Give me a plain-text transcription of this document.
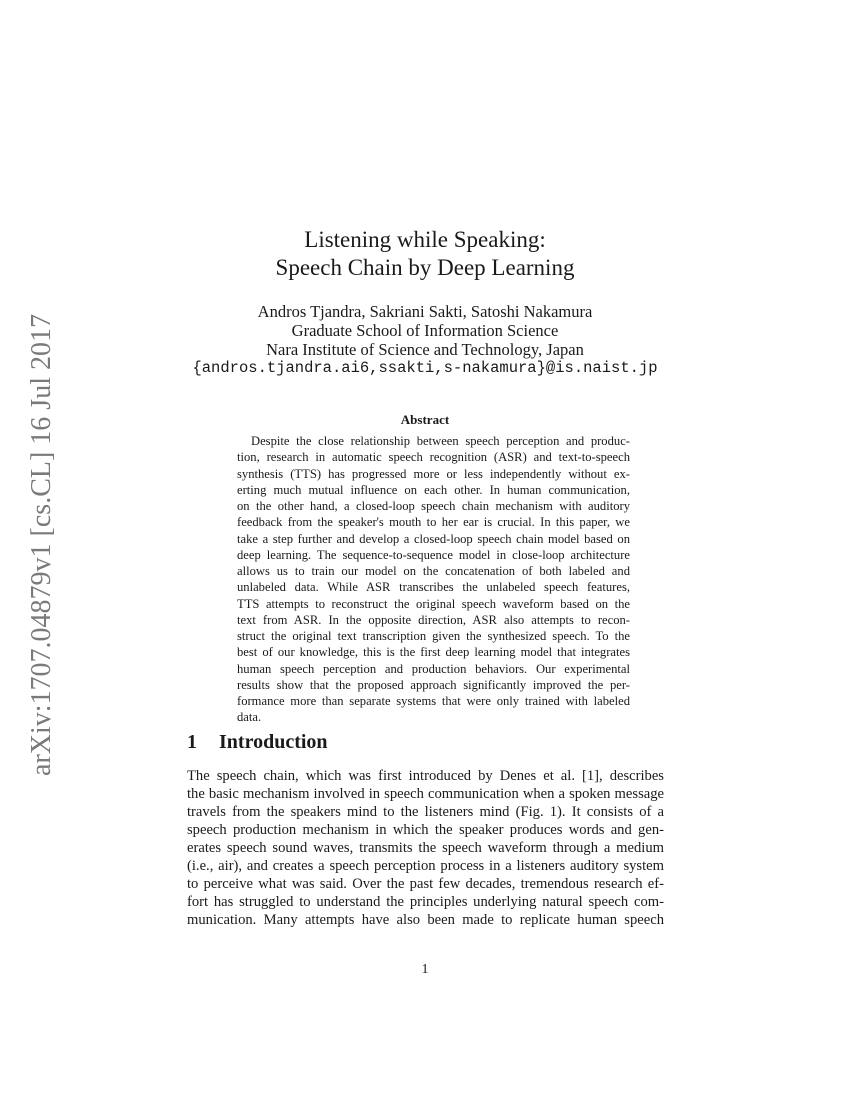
arXiv:1707.04879v1 [cs.CL] 16 Jul 2017
Listening while Speaking:
Speech Chain by Deep Learning
Andros Tjandra, Sakriani Sakti, Satoshi Nakamura
Graduate School of Information Science
Nara Institute of Science and Technology, Japan
{andros.tjandra.ai6,ssakti,s-nakamura}@is.naist.jp
Abstract
Despite the close relationship between speech perception and produc-
tion, research in automatic speech recognition (ASR) and text-to-speech
synthesis (TTS) has progressed more or less independently without ex-
erting much mutual influence on each other. In human communication,
on the other hand, a closed-loop speech chain mechanism with auditory
feedback from the speaker's mouth to her ear is crucial. In this paper, we
take a step further and develop a closed-loop speech chain model based on
deep learning. The sequence-to-sequence model in close-loop architecture
allows us to train our model on the concatenation of both labeled and
unlabeled data. While ASR transcribes the unlabeled speech features,
TTS attempts to reconstruct the original speech waveform based on the
text from ASR. In the opposite direction, ASR also attempts to recon-
struct the original text transcription given the synthesized speech. To the
best of our knowledge, this is the first deep learning model that integrates
human speech perception and production behaviors. Our experimental
results show that the proposed approach significantly improved the per-
formance more than separate systems that were only trained with labeled
data.
1 Introduction
The speech chain, which was first introduced by Denes et al. [1], describes
the basic mechanism involved in speech communication when a spoken message
travels from the speakers mind to the listeners mind (Fig. 1). It consists of a
speech production mechanism in which the speaker produces words and gen-
erates speech sound waves, transmits the speech waveform through a medium
(i.e., air), and creates a speech perception process in a listeners auditory system
to perceive what was said. Over the past few decades, tremendous research ef-
fort has struggled to understand the principles underlying natural speech com-
munication. Many attempts have also been made to replicate human speech
1
